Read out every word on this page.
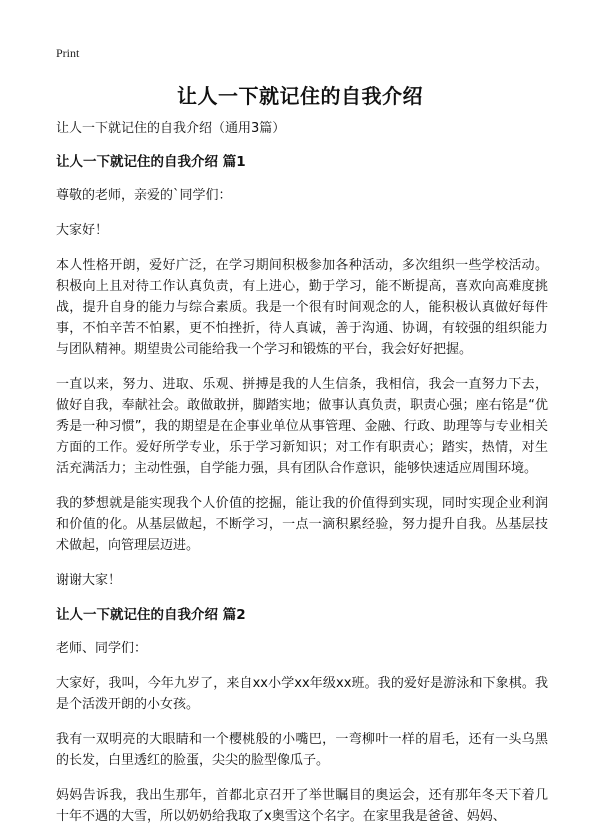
Print
让人一下就记住的自我介绍

让人一下就记住的自我介绍（通用3篇）

让人一下就记住的自我介绍 篇1

尊敬的老师，亲爱的`同学们：

大家好！

本人性格开朗，爱好广泛，在学习期间积极参加各种活动，多次组织一些学校活动。积极向上且对待工作认真负责，有上进心，勤于学习，能不断提高，喜欢向高难度挑战，提升自身的能力与综合素质。我是一个很有时间观念的人，能积极认真做好每件事，不怕辛苦不怕累，更不怕挫折，待人真诚，善于沟通、协调，有较强的组织能力与团队精神。期望贵公司能给我一个学习和锻炼的平台，我会好好把握。

一直以来，努力、进取、乐观、拼搏是我的人生信条，我相信，我会一直努力下去，做好自我，奉献社会。敢做敢拼，脚踏实地；做事认真负责，职责心强；座右铭是“优秀是一种习惯”，我的期望是在企事业单位从事管理、金融、行政、助理等与专业相关方面的工作。爱好所学专业，乐于学习新知识；对工作有职责心；踏实，热情，对生活充满活力；主动性强，自学能力强，具有团队合作意识，能够快速适应周围环境。

我的梦想就是能实现我个人价值的挖掘，能让我的价值得到实现，同时实现企业利润和价值的化。从基层做起，不断学习，一点一滴积累经验，努力提升自我。丛基层技术做起，向管理层迈进。

谢谢大家！

让人一下就记住的自我介绍 篇2

老师、同学们：

大家好，我叫，今年九岁了，来自xx小学xx年级xx班。我的爱好是游泳和下象棋。我是个活泼开朗的小女孩。

我有一双明亮的大眼睛和一个樱桃般的小嘴巴，一弯柳叶一样的眉毛，还有一头乌黑的长发，白里透红的脸蛋，尖尖的脸型像瓜子。

妈妈告诉我，我出生那年，首都北京召开了举世瞩目的奥运会，还有那年冬天下着几十年不遇的大雪，所以奶奶给我取了x奥雪这个名字。在家里我是爸爸、妈妈、
